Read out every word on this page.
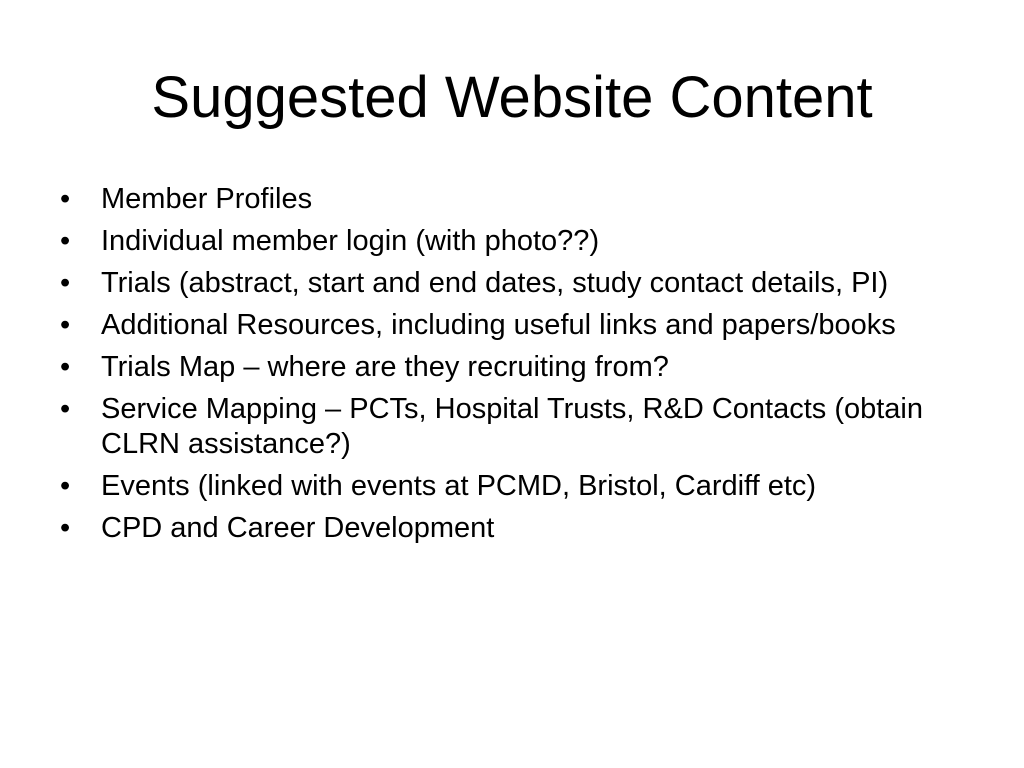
Suggested Website Content
• Member Profiles
• Individual member login (with photo??)
• Trials (abstract, start and end dates, study contact details, PI)
• Additional Resources, including useful links and papers/books
• Trials Map – where are they recruiting from?
• Service Mapping – PCTs, Hospital Trusts, R&D Contacts (obtain CLRN assistance?)
• Events (linked with events at PCMD, Bristol, Cardiff etc)
• CPD and Career Development
